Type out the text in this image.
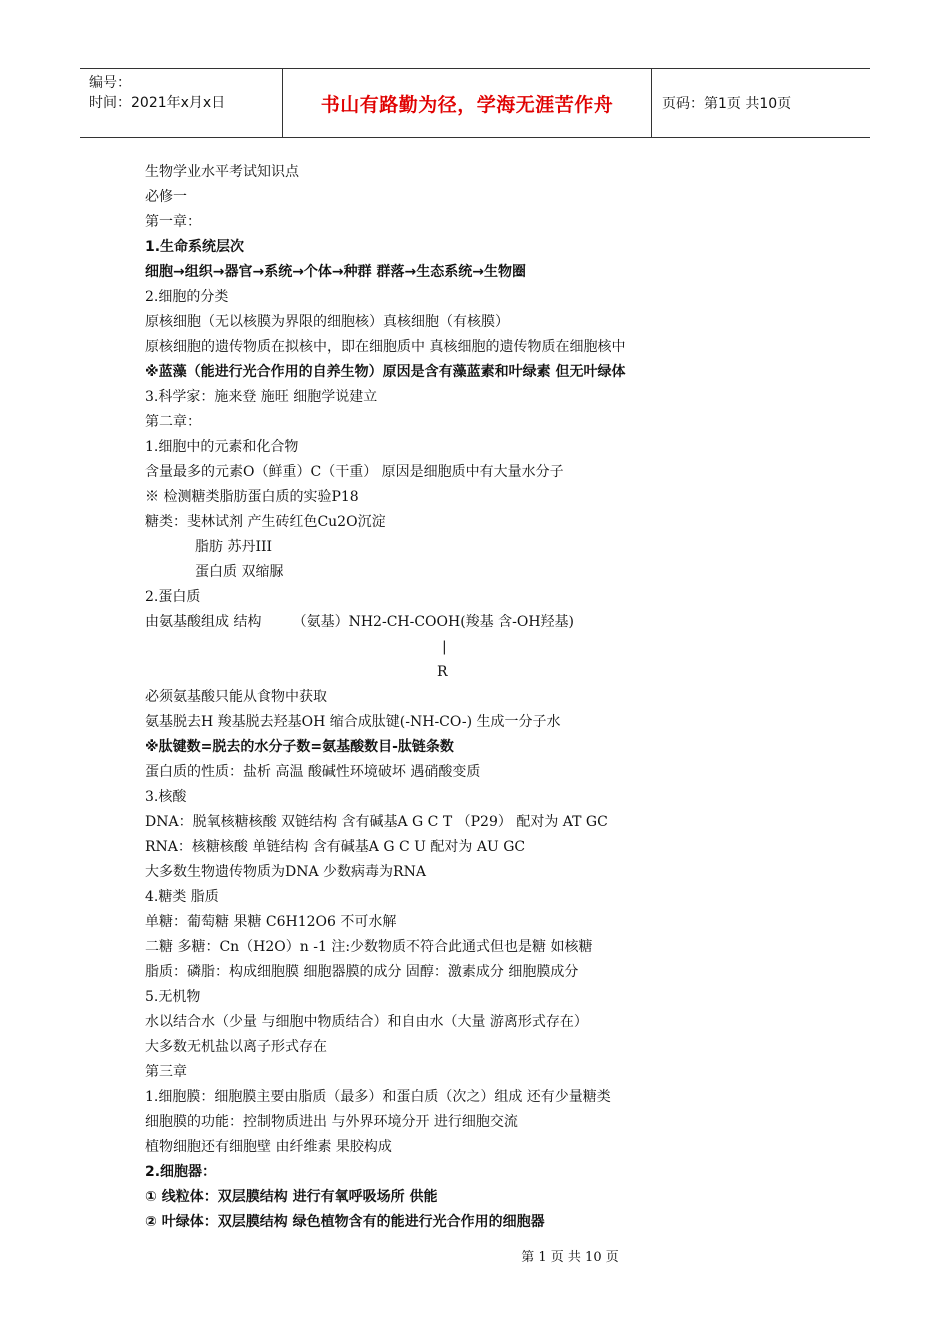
编号：
时间：2021年x月x日	书山有路勤为径，学海无涯苦作舟	页码：第1页 共10页
生物学业水平考试知识点
必修一
第一章：
1.生命系统层次
细胞→组织→器官→系统→个体→种群 群落→生态系统→生物圈
2.细胞的分类
原核细胞（无以核膜为界限的细胞核）真核细胞（有核膜）
原核细胞的遗传物质在拟核中，即在细胞质中 真核细胞的遗传物质在细胞核中
※蓝藻（能进行光合作用的自养生物）原因是含有藻蓝素和叶绿素 但无叶绿体
3.科学家：施来登 施旺 细胞学说建立
第二章：
1.细胞中的元素和化合物
含量最多的元素O（鲜重）C（干重） 原因是细胞质中有大量水分子
※ 检测糖类脂肪蛋白质的实验P18
糖类：斐林试剂 产生砖红色Cu2O沉淀
脂肪 苏丹III
蛋白质 双缩脲
2.蛋白质
由氨基酸组成 结构       （氨基）NH2-CH-COOH(羧基 含-OH羟基)
|
R
必须氨基酸只能从食物中获取
氨基脱去H 羧基脱去羟基OH 缩合成肽键(-NH-CO-) 生成一分子水
※肽键数=脱去的水分子数=氨基酸数目-肽链条数
蛋白质的性质：盐析 高温 酸碱性环境破坏 遇硝酸变质
3.核酸
DNA：脱氧核糖核酸 双链结构 含有碱基A G C T （P29） 配对为 AT GC
RNA：核糖核酸 单链结构 含有碱基A G C U 配对为 AU GC
大多数生物遗传物质为DNA 少数病毒为RNA
4.糖类 脂质
单糖：葡萄糖 果糖 C6H12O6 不可水解
二糖 多糖：Cn（H2O）n -1 注:少数物质不符合此通式但也是糖 如核糖
脂质：磷脂：构成细胞膜 细胞器膜的成分 固醇：激素成分 细胞膜成分
5.无机物
水以结合水（少量 与细胞中物质结合）和自由水（大量 游离形式存在）
大多数无机盐以离子形式存在
第三章
1.细胞膜：细胞膜主要由脂质（最多）和蛋白质（次之）组成 还有少量糖类
细胞膜的功能：控制物质进出 与外界环境分开 进行细胞交流
植物细胞还有细胞壁 由纤维素 果胶构成
2.细胞器：
① 线粒体：双层膜结构 进行有氧呼吸场所 供能
② 叶绿体：双层膜结构 绿色植物含有的能进行光合作用的细胞器
第 1 页 共 10 页
